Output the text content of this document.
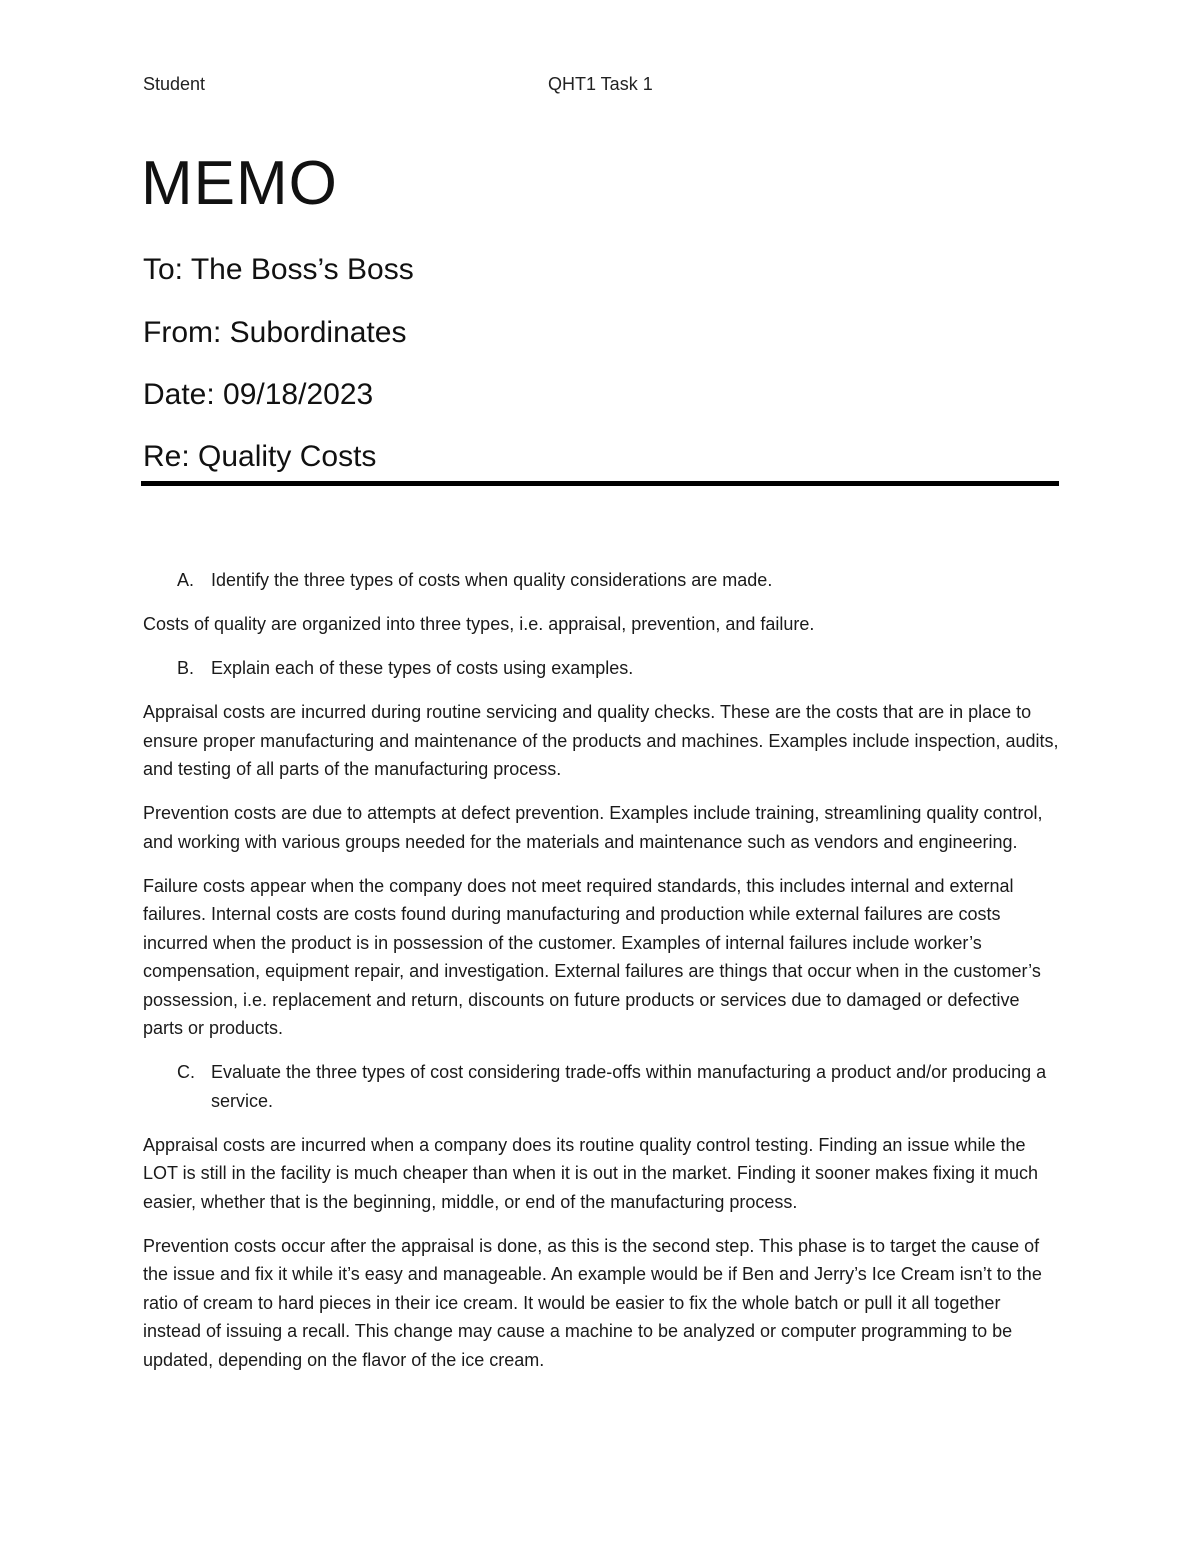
Student	QHT1 Task 1
MEMO
To: The Boss’s Boss
From: Subordinates
Date: 09/18/2023
Re: Quality Costs
A. Identify the three types of costs when quality considerations are made.

Costs of quality are organized into three types, i.e. appraisal, prevention, and failure.

B. Explain each of these types of costs using examples.

Appraisal costs are incurred during routine servicing and quality checks. These are the costs that are in place to ensure proper manufacturing and maintenance of the products and machines. Examples include inspection, audits, and testing of all parts of the manufacturing process.

Prevention costs are due to attempts at defect prevention. Examples include training, streamlining quality control, and working with various groups needed for the materials and maintenance such as vendors and engineering.

Failure costs appear when the company does not meet required standards, this includes internal and external failures. Internal costs are costs found during manufacturing and production while external failures are costs incurred when the product is in possession of the customer. Examples of internal failures include worker’s compensation, equipment repair, and investigation. External failures are things that occur when in the customer’s possession, i.e. replacement and return, discounts on future products or services due to damaged or defective parts or products.

C. Evaluate the three types of cost considering trade-offs within manufacturing a product and/or producing a service.

Appraisal costs are incurred when a company does its routine quality control testing. Finding an issue while the LOT is still in the facility is much cheaper than when it is out in the market. Finding it sooner makes fixing it much easier, whether that is the beginning, middle, or end of the manufacturing process.

Prevention costs occur after the appraisal is done, as this is the second step. This phase is to target the cause of the issue and fix it while it’s easy and manageable. An example would be if Ben and Jerry’s Ice Cream isn’t to the ratio of cream to hard pieces in their ice cream. It would be easier to fix the whole batch or pull it all together instead of issuing a recall. This change may cause a machine to be analyzed or computer programming to be updated, depending on the flavor of the ice cream.
